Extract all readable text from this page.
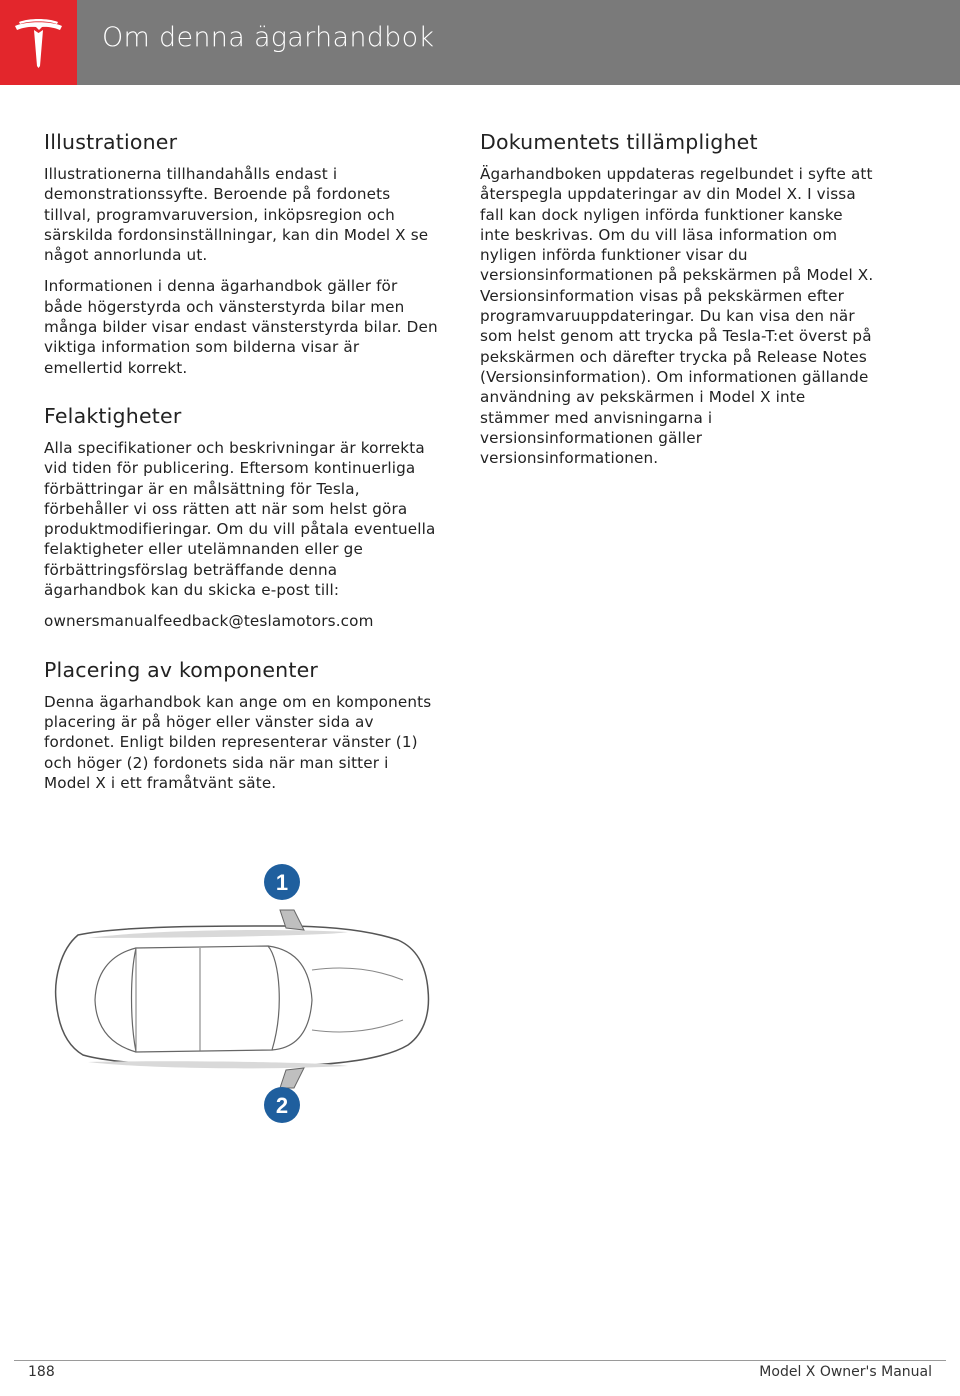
Om denna ägarhandbok
Illustrationer

Illustrationerna tillhandahålls endast i demonstrationssyfte. Beroende på fordonets tillval, programvaruversion, inköpsregion och särskilda fordonsinställningar, kan din Model X se något annorlunda ut.

Informationen i denna ägarhandbok gäller för både högerstyrda och vänsterstyrda bilar men många bilder visar endast vänsterstyrda bilar. Den viktiga information som bilderna visar är emellertid korrekt.

Felaktigheter

Alla specifikationer och beskrivningar är korrekta vid tiden för publicering. Eftersom kontinuerliga förbättringar är en målsättning för Tesla, förbehåller vi oss rätten att när som helst göra produktmodifieringar. Om du vill påtala eventuella felaktigheter eller utelämnanden eller ge förbättringsförslag beträffande denna ägarhandbok kan du skicka e-post till:

ownersmanualfeedback@teslamotors.com

Placering av komponenter

Denna ägarhandbok kan ange om en komponents placering är på höger eller vänster sida av fordonet. Enligt bilden representerar vänster (1) och höger (2) fordonets sida när man sitter i Model X i ett framåtvänt säte.

1
2
Dokumentets tillämplighet

Ägarhandboken uppdateras regelbundet i syfte att återspegla uppdateringar av din Model X. I vissa fall kan dock nyligen införda funktioner kanske inte beskrivas. Om du vill läsa information om nyligen införda funktioner visar du versionsinformationen på pekskärmen på Model X. Versionsinformation visas på pekskärmen efter programvaruuppdateringar. Du kan visa den när som helst genom att trycka på Tesla-T:et överst på pekskärmen och därefter trycka på Release Notes (Versionsinformation). Om informationen gällande användning av pekskärmen i Model X inte stämmer med anvisningarna i versionsinformationen gäller versionsinformationen.

188	Model X Owner's Manual
